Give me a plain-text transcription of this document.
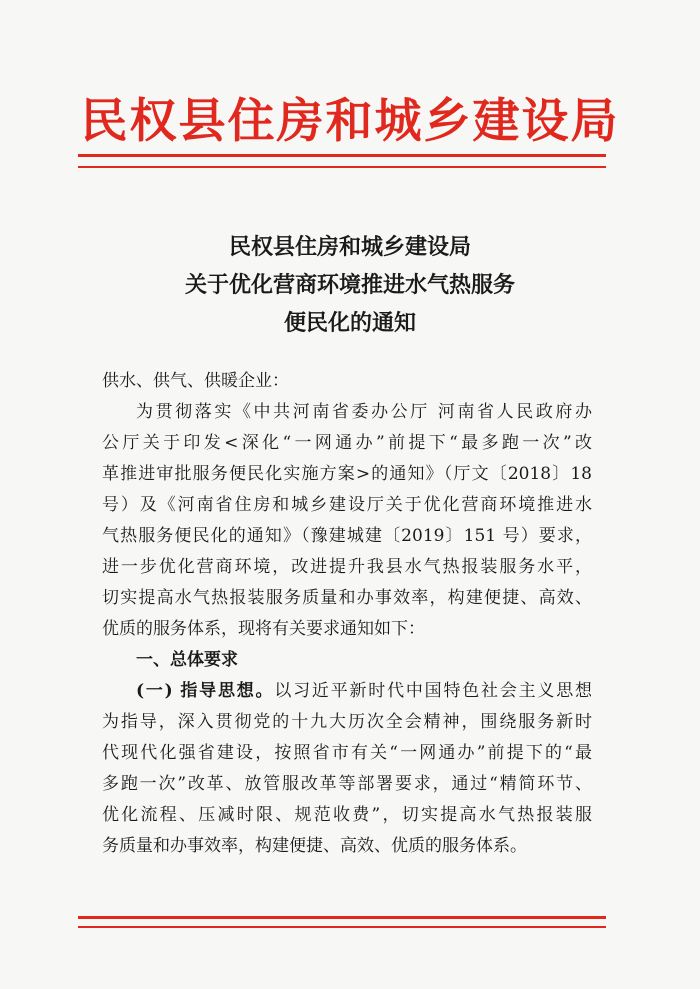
民权县住房和城乡建设局
民权县住房和城乡建设局
关于优化营商环境推进水气热服务
便民化的通知
供水、供气、供暖企业：
为贯彻落实《中共河南省委办公厅 河南省人民政府办
公厅关于印发<深化“一网通办”前提下“最多跑一次”改
革推进审批服务便民化实施方案>的通知》（厅文〔2018〕18
号）及《河南省住房和城乡建设厅关于优化营商环境推进水
气热服务便民化的通知》（豫建城建〔2019〕151 号）要求，
进一步优化营商环境，改进提升我县水气热报装服务水平，
切实提高水气热报装服务质量和办事效率，构建便捷、高效、
优质的服务体系，现将有关要求通知如下：
一、总体要求
(一) 指导思想。以习近平新时代中国特色社会主义思想
为指导，深入贯彻党的十九大历次全会精神，围绕服务新时
代现代化强省建设，按照省市有关“一网通办”前提下的“最
多跑一次”改革、放管服改革等部署要求，通过“精简环节、
优化流程、压减时限、规范收费”，切实提高水气热报装服
务质量和办事效率，构建便捷、高效、优质的服务体系。
